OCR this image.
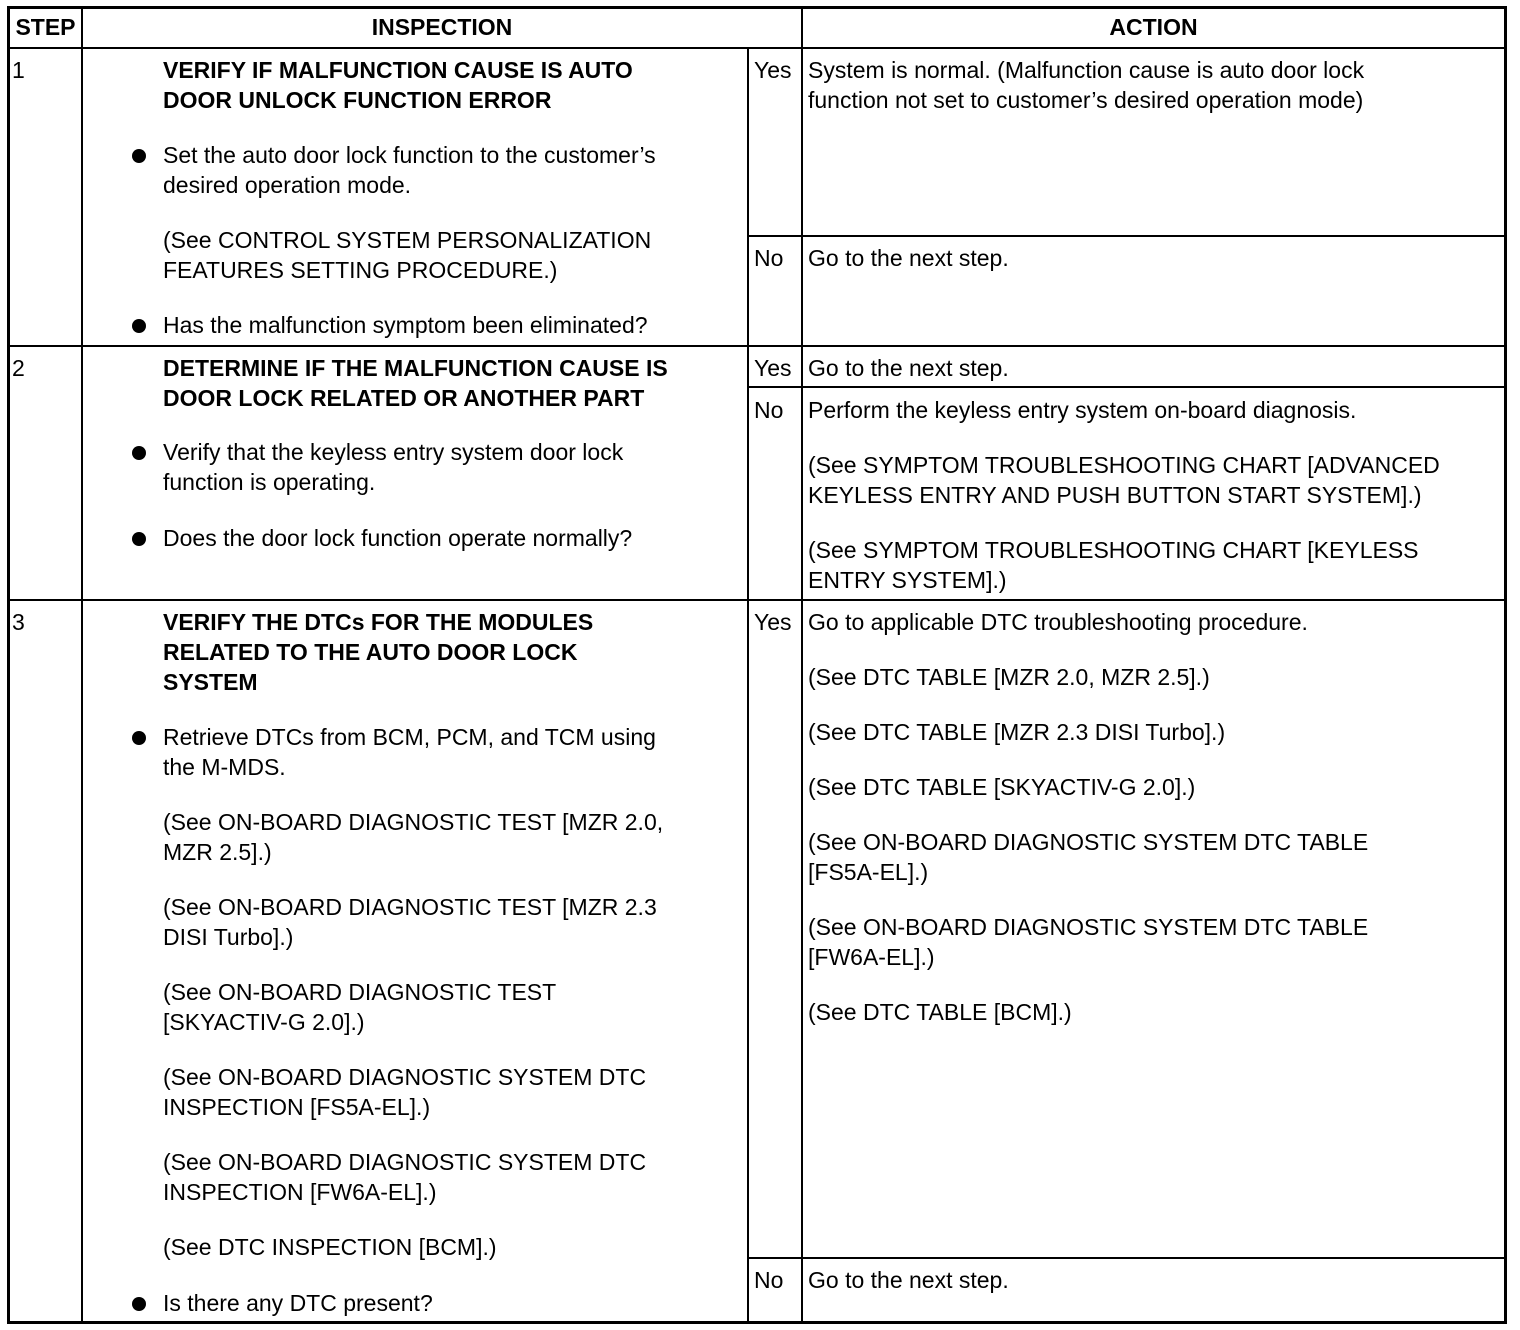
STEP	INSPECTION	ACTION
1	VERIFY IF MALFUNCTION CAUSE IS AUTO
DOOR UNLOCK FUNCTION ERROR
Set the auto door lock function to the customer’s
desired operation mode.
(See CONTROL SYSTEM PERSONALIZATION
FEATURES SETTING PROCEDURE.)
Has the malfunction symptom been eliminated?
Yes System is normal. (Malfunction cause is auto door lock
function not set to customer’s desired operation mode)
No Go to the next step.
2	DETERMINE IF THE MALFUNCTION CAUSE IS
DOOR LOCK RELATED OR ANOTHER PART
Verify that the keyless entry system door lock
function is operating.
Does the door lock function operate normally?
Yes Go to the next step.
No Perform the keyless entry system on-board diagnosis.
(See SYMPTOM TROUBLESHOOTING CHART [ADVANCED
KEYLESS ENTRY AND PUSH BUTTON START SYSTEM].)
(See SYMPTOM TROUBLESHOOTING CHART [KEYLESS
ENTRY SYSTEM].)
3	VERIFY THE DTCs FOR THE MODULES
RELATED TO THE AUTO DOOR LOCK
SYSTEM
Retrieve DTCs from BCM, PCM, and TCM using
the M-MDS.
(See ON-BOARD DIAGNOSTIC TEST [MZR 2.0,
MZR 2.5].)
(See ON-BOARD DIAGNOSTIC TEST [MZR 2.3
DISI Turbo].)
(See ON-BOARD DIAGNOSTIC TEST
[SKYACTIV-G 2.0].)
(See ON-BOARD DIAGNOSTIC SYSTEM DTC
INSPECTION [FS5A-EL].)
(See ON-BOARD DIAGNOSTIC SYSTEM DTC
INSPECTION [FW6A-EL].)
(See DTC INSPECTION [BCM].)
Is there any DTC present?
Yes Go to applicable DTC troubleshooting procedure.
(See DTC TABLE [MZR 2.0, MZR 2.5].)
(See DTC TABLE [MZR 2.3 DISI Turbo].)
(See DTC TABLE [SKYACTIV-G 2.0].)
(See ON-BOARD DIAGNOSTIC SYSTEM DTC TABLE
[FS5A-EL].)
(See ON-BOARD DIAGNOSTIC SYSTEM DTC TABLE
[FW6A-EL].)
(See DTC TABLE [BCM].)
No Go to the next step.
